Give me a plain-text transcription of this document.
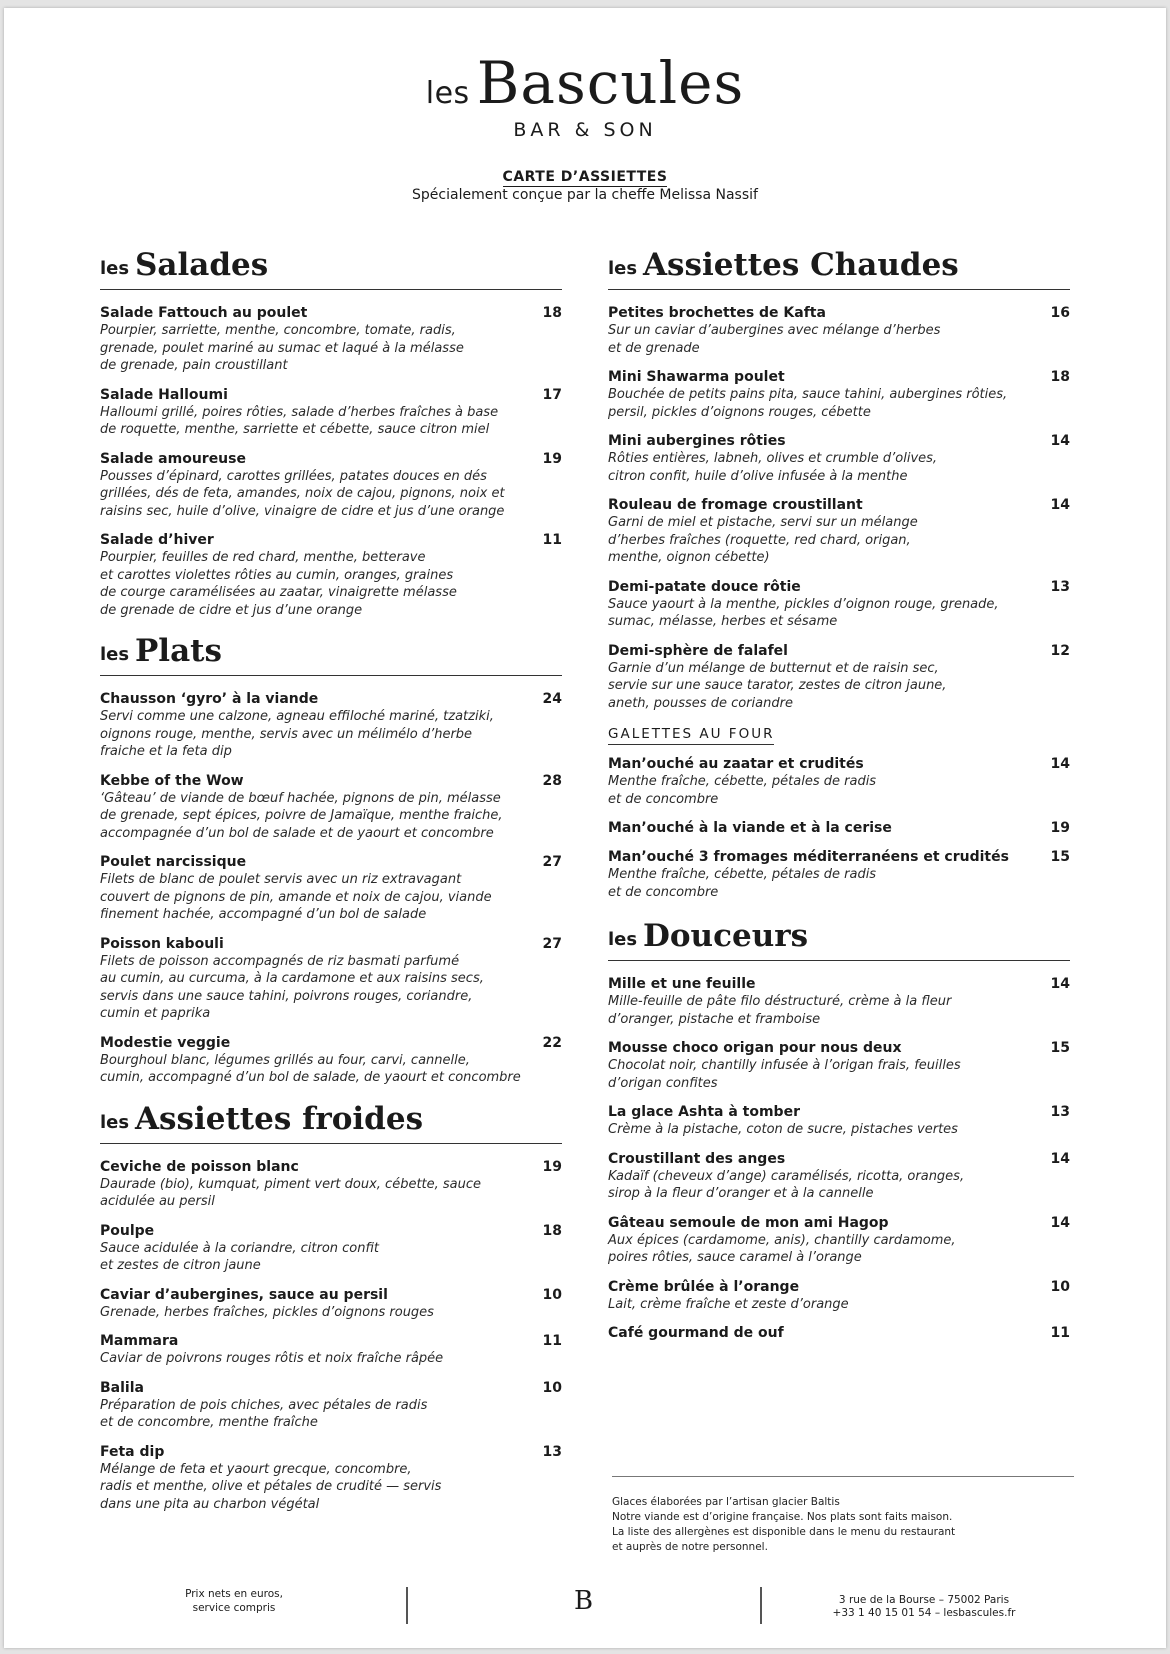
les Bascules
BAR & SON
CARTE D’ASSIETTES
Spécialement conçue par la cheffe Melissa Nassif
les Salades
Salade Fattouch au poulet	18
Pourpier, sarriette, menthe, concombre, tomate, radis,
grenade, poulet mariné au sumac et laqué à la mélasse
de grenade, pain croustillant
Salade Halloumi	17
Halloumi grillé, poires rôties, salade d’herbes fraîches à base
de roquette, menthe, sarriette et cébette, sauce citron miel
Salade amoureuse	19
Pousses d’épinard, carottes grillées, patates douces en dés
grillées, dés de feta, amandes, noix de cajou, pignons, noix et
raisins sec, huile d’olive, vinaigre de cidre et jus d’une orange
Salade d’hiver	11
Pourpier, feuilles de red chard, menthe, betterave
et carottes violettes rôties au cumin, oranges, graines
de courge caramélisées au zaatar, vinaigrette mélasse
de grenade de cidre et jus d’une orange
les Plats
Chausson ‘gyro’ à la viande	24
Servi comme une calzone, agneau effiloché mariné, tzatziki,
oignons rouge, menthe, servis avec un mélimélo d’herbe
fraiche et la feta dip
Kebbe of the Wow	28
‘Gâteau’ de viande de bœuf hachée, pignons de pin, mélasse
de grenade, sept épices, poivre de Jamaïque, menthe fraiche,
accompagnée d’un bol de salade et de yaourt et concombre
Poulet narcissique	27
Filets de blanc de poulet servis avec un riz extravagant
couvert de pignons de pin, amande et noix de cajou, viande
finement hachée, accompagné d’un bol de salade
Poisson kabouli	27
Filets de poisson accompagnés de riz basmati parfumé
au cumin, au curcuma, à la cardamone et aux raisins secs,
servis dans une sauce tahini, poivrons rouges, coriandre,
cumin et paprika
Modestie veggie	22
Bourghoul blanc, légumes grillés au four, carvi, cannelle,
cumin, accompagné d’un bol de salade, de yaourt et concombre
les Assiettes froides
Ceviche de poisson blanc	19
Daurade (bio), kumquat, piment vert doux, cébette, sauce
acidulée au persil
Poulpe	18
Sauce acidulée à la coriandre, citron confit
et zestes de citron jaune
Caviar d’aubergines, sauce au persil	10
Grenade, herbes fraîches, pickles d’oignons rouges
Mammara	11
Caviar de poivrons rouges rôtis et noix fraîche râpée
Balila	10
Préparation de pois chiches, avec pétales de radis
et de concombre, menthe fraîche
Feta dip	13
Mélange de feta et yaourt grecque, concombre,
radis et menthe, olive et pétales de crudité — servis
dans une pita au charbon végétal
les Assiettes Chaudes
Petites brochettes de Kafta	16
Sur un caviar d’aubergines avec mélange d’herbes
et de grenade
Mini Shawarma poulet	18
Bouchée de petits pains pita, sauce tahini, aubergines rôties,
persil, pickles d’oignons rouges, cébette
Mini aubergines rôties	14
Rôties entières, labneh, olives et crumble d’olives,
citron confit, huile d’olive infusée à la menthe
Rouleau de fromage croustillant	14
Garni de miel et pistache, servi sur un mélange
d’herbes fraîches (roquette, red chard, origan,
menthe, oignon cébette)
Demi-patate douce rôtie	13
Sauce yaourt à la menthe, pickles d’oignon rouge, grenade,
sumac, mélasse, herbes et sésame
Demi-sphère de falafel	12
Garnie d’un mélange de butternut et de raisin sec,
servie sur une sauce tarator, zestes de citron jaune,
aneth, pousses de coriandre
GALETTES AU FOUR
Man’ouché au zaatar et crudités	14
Menthe fraîche, cébette, pétales de radis
et de concombre
Man’ouché à la viande et à la cerise	19
Man’ouché 3 fromages méditerranéens et crudités	15
Menthe fraîche, cébette, pétales de radis
et de concombre
les Douceurs
Mille et une feuille	14
Mille-feuille de pâte filo déstructuré, crème à la fleur
d’oranger, pistache et framboise
Mousse choco origan pour nous deux	15
Chocolat noir, chantilly infusée à l’origan frais, feuilles
d’origan confites
La glace Ashta à tomber	13
Crème à la pistache, coton de sucre, pistaches vertes
Croustillant des anges	14
Kadaïf (cheveux d’ange) caramélisés, ricotta, oranges,
sirop à la fleur d’oranger et à la cannelle
Gâteau semoule de mon ami Hagop	14
Aux épices (cardamome, anis), chantilly cardamome,
poires rôties, sauce caramel à l’orange
Crème brûlée à l’orange	10
Lait, crème fraîche et zeste d’orange
Café gourmand de ouf	11
Glaces élaborées par l’artisan glacier Baltis
Notre viande est d’origine française. Nos plats sont faits maison.
La liste des allergènes est disponible dans le menu du restaurant
et auprès de notre personnel.
Prix nets en euros,
service compris	B	3 rue de la Bourse – 75002 Paris
+33 1 40 15 01 54 – lesbascules.fr
